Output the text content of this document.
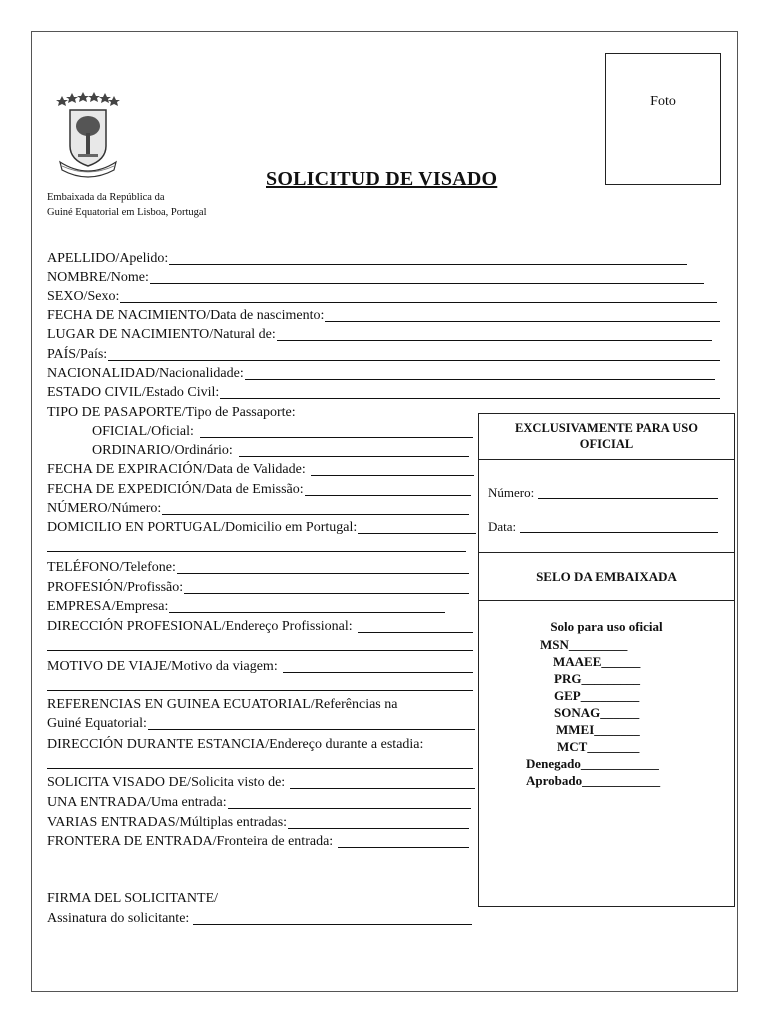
Embaixada da República da
Guiné Equatorial em Lisboa, Portugal
SOLICITUD DE VISADO
Foto
APELLIDO/Apelido:
NOMBRE/Nome:
SEXO/Sexo:
FECHA DE NACIMIENTO/Data de nascimento:
LUGAR DE NACIMIENTO/Natural de:
PAÍS/País:
NACIONALIDAD/Nacionalidade:
ESTADO CIVIL/Estado Civil:
TIPO DE PASAPORTE/Tipo de Passaporte:
OFICIAL/Oficial:
ORDINARIO/Ordinário:
FECHA DE EXPIRACIÓN/Data de Validade:
FECHA DE EXPEDICIÓN/Data de Emissão:
NÚMERO/Número:
DOMICILIO EN PORTUGAL/Domicilio em Portugal:
TELÉFONO/Telefone:
PROFESIÓN/Profissão:
EMPRESA/Empresa:
DIRECCIÓN PROFESIONAL/Endereço Profissional:
MOTIVO DE VIAJE/Motivo da viagem:
REFERENCIAS EN GUINEA ECUATORIAL/Referências na
Guiné Equatorial:
DIRECCIÓN DURANTE ESTANCIA/Endereço durante a estadia:
SOLICITA VISADO DE/Solicita visto de:
UNA ENTRADA/Uma entrada:
VARIAS ENTRADAS/Múltiplas entradas:
FRONTERA DE ENTRADA/Fronteira de entrada:
FIRMA DEL SOLICITANTE/
Assinatura do solicitante:
EXCLUSIVAMENTE PARA USO
OFICIAL
Número:
Data:
SELO DA EMBAIXADA
Solo para uso oficial
MSN_________
MAAEE______
PRG_________
GEP_________
SONAG______
MMEI_______
MCT________
Denegado____________
Aprobado____________
